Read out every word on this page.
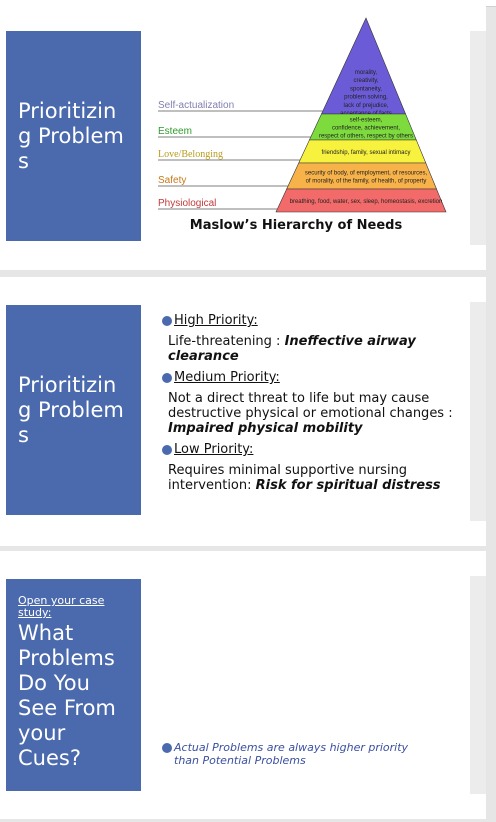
Prioritizing Problems
morality,
creativity,
spontaneity,
problem solving,
lack of prejudice,
Self-actualization
self-esteem,
confidence, achievement,
respect of others, respect by others
Esteem
friendship, family, sexual intimacy
Love/Belonging
security of body, of employment, of resources,
of morality, of the family, of health, of property
Safety
breathing, food, water, sex, sleep, homeostasis, excretion
Physiological
Maslow’s Hierarchy of Needs
Prioritizing Problems
High Priority:
Life-threatening : Ineffective airway clearance
Medium Priority:
Not a direct threat to life but may cause destructive physical or emotional changes : Impaired physical mobility
Low Priority:
Requires minimal supportive nursing intervention: Risk for spiritual distress
Open your case study:
What Problems Do You See From your Cues?	Actual Problems are always higher priority than Potential Problems
